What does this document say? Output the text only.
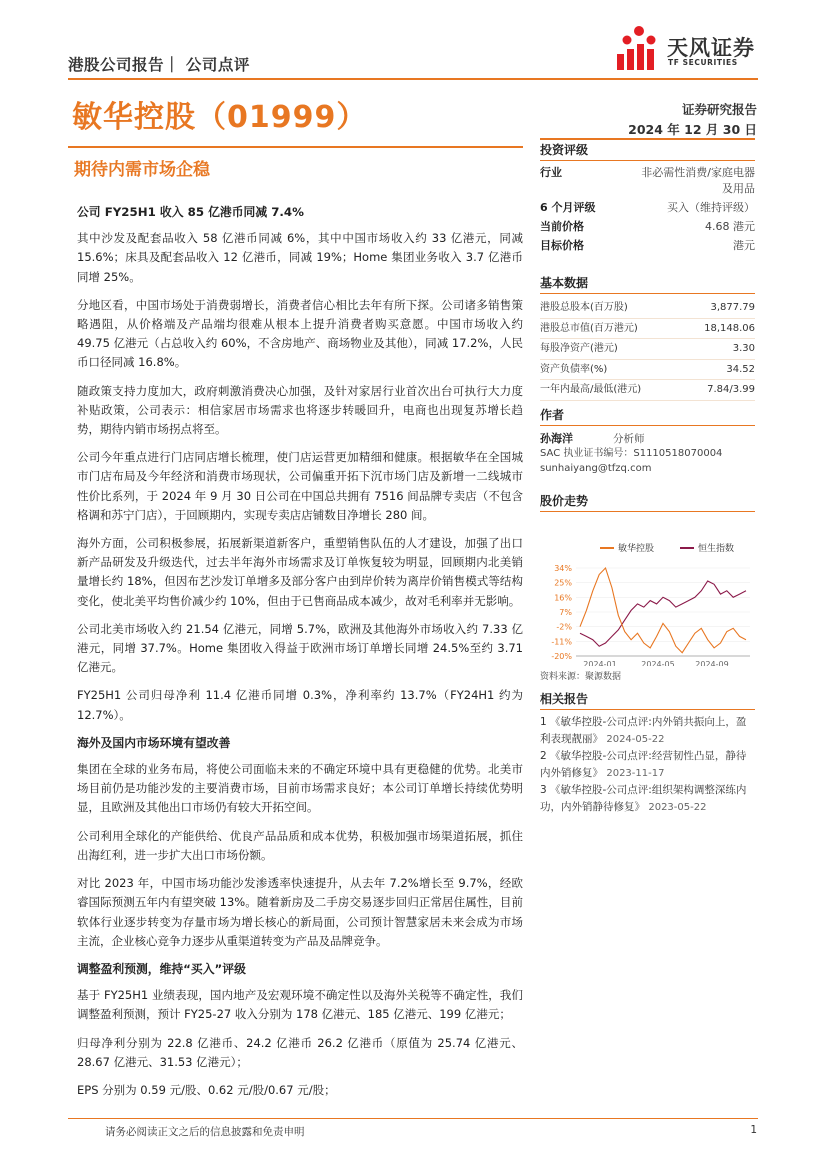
港股公司报告｜ 公司点评
天风证券
TF SECURITIES
敏华控股（01999）	证券研究报告
2024 年 12 月 30 日
期待内需市场企稳
公司 FY25H1 收入 85 亿港币同减 7.4%

其中沙发及配套品收入 58 亿港币同减 6%，其中中国市场收入约 33 亿港元，同减 15.6%；床具及配套品收入 12 亿港币，同减 19%；Home 集团业务收入 3.7 亿港币同增 25%。

分地区看，中国市场处于消费弱增长，消费者信心相比去年有所下探。公司诸多销售策略遇阻，从价格端及产品端均很难从根本上提升消费者购买意愿。中国市场收入约 49.75 亿港元（占总收入约 60%，不含房地产、商场物业及其他），同减 17.2%，人民币口径同减 16.8%。

随政策支持力度加大，政府刺激消费决心加强，及针对家居行业首次出台可执行大力度补贴政策，公司表示：相信家居市场需求也将逐步转暖回升，电商也出现复苏增长趋势，期待内销市场拐点将至。

公司今年重点进行门店同店增长梳理，使门店运营更加精细和健康。根据敏华在全国城市门店布局及今年经济和消费市场现状，公司偏重开拓下沉市场门店及新增一二线城市性价比系列，于 2024 年 9 月 30 日公司在中国总共拥有 7516 间品牌专卖店（不包含格调和苏宁门店），于回顾期内，实现专卖店店铺数目净增长 280 间。

海外方面，公司积极参展，拓展新渠道新客户，重塑销售队伍的人才建设，加强了出口新产品研发及升级迭代，过去半年海外市场需求及订单恢复较为明显，回顾期内北美销量增长约 18%，但因布艺沙发订单增多及部分客户由到岸价转为离岸价销售模式等结构变化，使北美平均售价减少约 10%，但由于已售商品成本减少，故对毛利率并无影响。

公司北美市场收入约 21.54 亿港元，同增 5.7%，欧洲及其他海外市场收入约 7.33 亿港元，同增 37.7%。Home 集团收入得益于欧洲市场订单增长同增 24.5%至约 3.71 亿港元。

FY25H1 公司归母净利 11.4 亿港币同增 0.3%，净利率约 13.7%（FY24H1 约为 12.7%）。

海外及国内市场环境有望改善

集团在全球的业务布局，将使公司面临未来的不确定环境中具有更稳健的优势。北美市场目前仍是功能沙发的主要消费市场，目前市场需求良好；本公司订单增长持续优势明显，且欧洲及其他出口市场仍有较大开拓空间。

公司利用全球化的产能供给、优良产品品质和成本优势，积极加强市场渠道拓展，抓住出海红利，进一步扩大出口市场份额。

对比 2023 年，中国市场功能沙发渗透率快速提升，从去年 7.2%增长至 9.7%，经欧睿国际预测五年内有望突破 13%。随着新房及二手房交易逐步回归正常居住属性，目前软体行业逐步转变为存量市场为增长核心的新局面，公司预计智慧家居未来会成为市场主流，企业核心竞争力逐步从重渠道转变为产品及品牌竞争。

调整盈利预测，维持“买入”评级

基于 FY25H1 业绩表现，国内地产及宏观环境不确定性以及海外关税等不确定性，我们调整盈利预测，预计 FY25-27 收入分别为 178 亿港元、185 亿港元、199 亿港元；

归母净利分别为 22.8 亿港币、24.2 亿港币 26.2 亿港币（原值为 25.74 亿港元、28.67 亿港元、31.53 亿港元）；

EPS 分别为 0.59 元/股、0.62 元/股/0.67 元/股；

投资评级
行业	非必需性消费/家庭电器及用品
6 个月评级	买入（维持评级）
当前价格	4.68 港元
目标价格	港元
基本数据
港股总股本(百万股)	3,877.79
港股总市值(百万港元)	18,148.06
每股净资产(港元)	3.30
资产负债率(%)	34.52
一年内最高/最低(港元)	7.84/3.99
作者
孙海洋	分析师
SAC 执业证书编号：S1110518070004
sunhaiyang@tfzq.com
股价走势
敏华控股	恒生指数
34%
25%
16%
7%
-2%
-11%
-20%
2024-01	2024-05	2024-09
资料来源：聚源数据
相关报告
1 《敏华控股-公司点评:内外销共振向上，盈利表现靓丽》 2024-05-22
2 《敏华控股-公司点评:经营韧性凸显，静待内外销修复》 2023-11-17
3 《敏华控股-公司点评:组织架构调整深练内功，内外销静待修复》 2023-05-22
请务必阅读正文之后的信息披露和免责申明	1
